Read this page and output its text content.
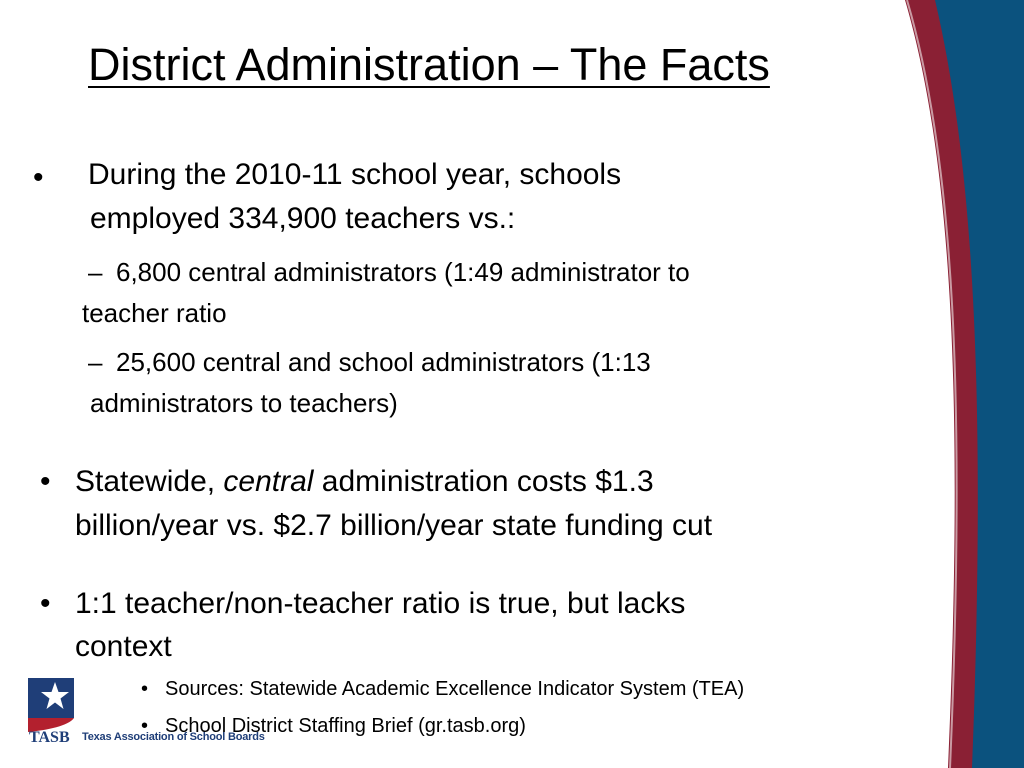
District Administration – The Facts
• During the 2010-11 school year, schools
employed 334,900 teachers vs.:
– 6,800 central administrators (1:49 administrator to
teacher ratio
– 25,600 central and school administrators (1:13
administrators to teachers)
• Statewide, central administration costs $1.3
billion/year vs. $2.7 billion/year state funding cut
• 1:1 teacher/non-teacher ratio is true, but lacks
context
• Sources: Statewide Academic Excellence Indicator System (TEA)
• School District Staffing Brief (gr.tasb.org)
TASB Texas Association of School Boards
